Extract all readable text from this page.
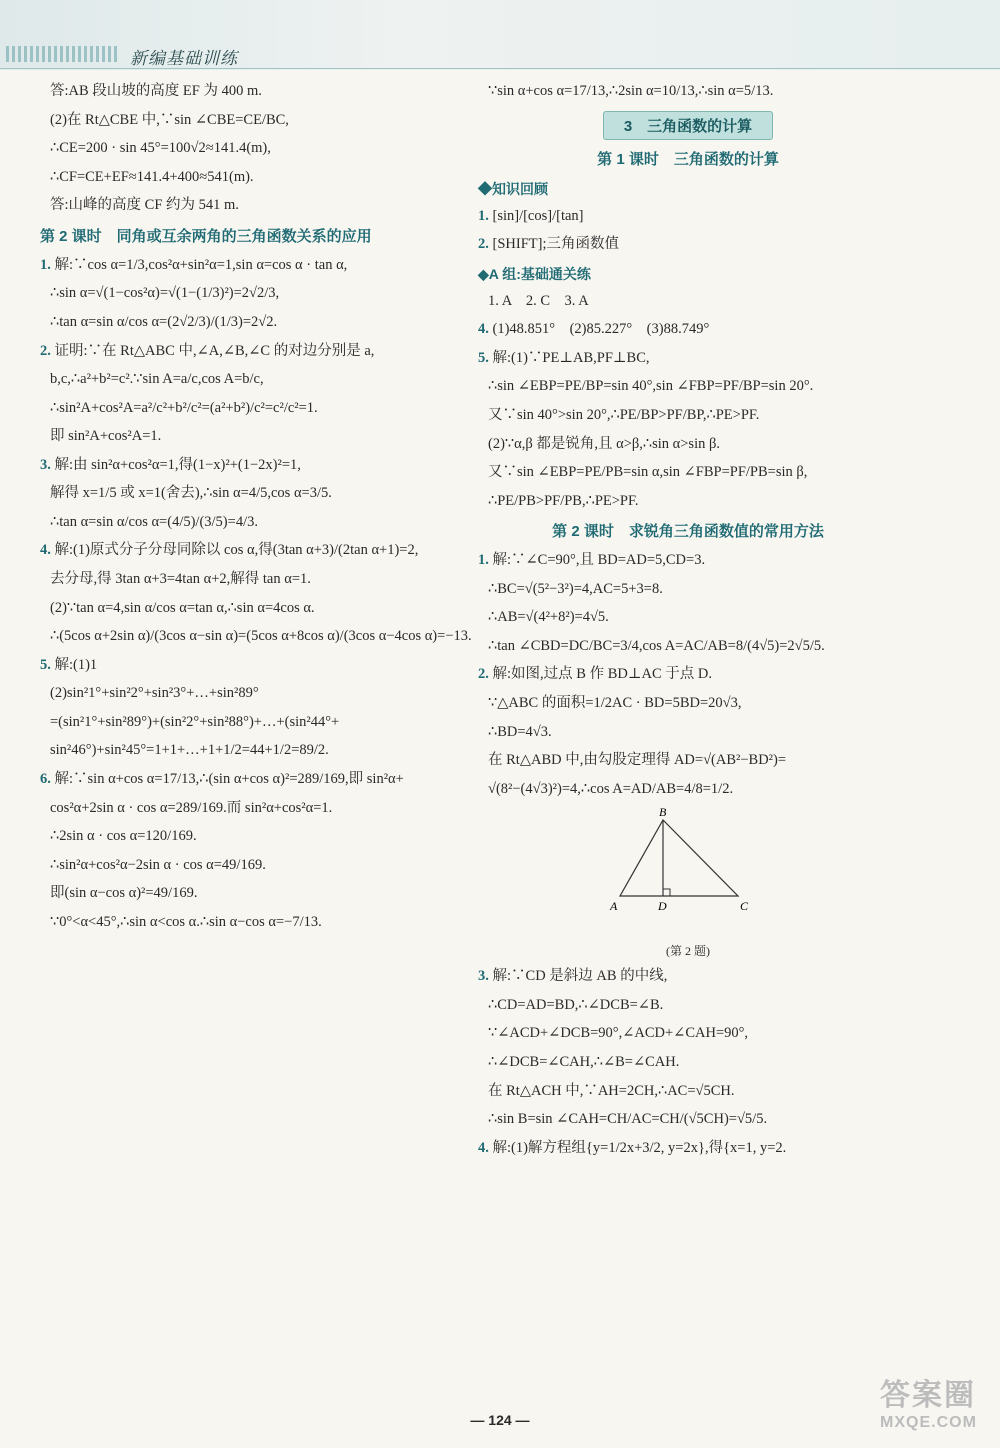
新编基础训练
答:AB 段山坡的高度 EF 为 400 m.
(2)在 Rt△CBE 中,∵sin ∠CBE=CE/BC,
∴CE=200 · sin 45°=100√2≈141.4(m),
∴CF=CE+EF≈141.4+400≈541(m).
答:山峰的高度 CF 约为 541 m.
第 2 课时　同角或互余两角的三角函数关系的应用
1. 解:∵cos α=1/3,cos²α+sin²α=1,sin α=cos α · tan α,
∴sin α=√(1−cos²α)=√(1−(1/3)²)=2√2/3,
∴tan α=sin α/cos α=(2√2/3)/(1/3)=2√2.
2. 证明:∵在 Rt△ABC 中,∠A,∠B,∠C 的对边分别是 a,
b,c,∴a²+b²=c².∵sin A=a/c,cos A=b/c,
∴sin²A+cos²A=a²/c²+b²/c²=(a²+b²)/c²=c²/c²=1.
即 sin²A+cos²A=1.
3. 解:由 sin²α+cos²α=1,得(1−x)²+(1−2x)²=1,
解得 x=1/5 或 x=1(舍去),∴sin α=4/5,cos α=3/5.
∴tan α=sin α/cos α=(4/5)/(3/5)=4/3.
4. 解:(1)原式分子分母同除以 cos α,得(3tan α+3)/(2tan α+1)=2,
去分母,得 3tan α+3=4tan α+2,解得 tan α=1.
(2)∵tan α=4,sin α/cos α=tan α,∴sin α=4cos α.
∴(5cos α+2sin α)/(3cos α−sin α)=(5cos α+8cos α)/(3cos α−4cos α)=−13.
5. 解:(1)1
(2)sin²1°+sin²2°+sin²3°+…+sin²89°
=(sin²1°+sin²89°)+(sin²2°+sin²88°)+…+(sin²44°+
sin²46°)+sin²45°=1+1+…+1+1/2=44+1/2=89/2.
6. 解:∵sin α+cos α=17/13,∴(sin α+cos α)²=289/169,即 sin²α+
cos²α+2sin α · cos α=289/169.而 sin²α+cos²α=1.
∴2sin α · cos α=120/169.
∴sin²α+cos²α−2sin α · cos α=49/169.
即(sin α−cos α)²=49/169.
∵0°<α<45°,∴sin α<cos α.∴sin α−cos α=−7/13.
∵sin α+cos α=17/13,∴2sin α=10/13,∴sin α=5/13.
3　三角函数的计算
第 1 课时　三角函数的计算
◆知识回顾
1. [sin]/[cos]/[tan]
2. [SHIFT];三角函数值
◆A 组:基础通关练
1. A　2. C　3. A
4. (1)48.851°　(2)85.227°　(3)88.749°
5. 解:(1)∵PE⊥AB,PF⊥BC,
∴sin ∠EBP=PE/BP=sin 40°,sin ∠FBP=PF/BP=sin 20°.
又∵sin 40°>sin 20°,∴PE/BP>PF/BP,∴PE>PF.
(2)∵α,β 都是锐角,且 α>β,∴sin α>sin β.
又∵sin ∠EBP=PE/PB=sin α,sin ∠FBP=PF/PB=sin β,
∴PE/PB>PF/PB,∴PE>PF.
第 2 课时　求锐角三角函数值的常用方法
1. 解:∵∠C=90°,且 BD=AD=5,CD=3.
∴BC=√(5²−3²)=4,AC=5+3=8.
∴AB=√(4²+8²)=4√5.
∴tan ∠CBD=DC/BC=3/4,cos A=AC/AB=8/(4√5)=2√5/5.
2. 解:如图,过点 B 作 BD⊥AC 于点 D.
∵△ABC 的面积=1/2AC · BD=5BD=20√3,
∴BD=4√3.
在 Rt△ABD 中,由勾股定理得 AD=√(AB²−BD²)=
√(8²−(4√3)²)=4,∴cos A=AD/AB=4/8=1/2.
A
B
C
D
(第 2 题)
3. 解:∵CD 是斜边 AB 的中线,
∴CD=AD=BD,∴∠DCB=∠B.
∵∠ACD+∠DCB=90°,∠ACD+∠CAH=90°,
∴∠DCB=∠CAH,∴∠B=∠CAH.
在 Rt△ACH 中,∵AH=2CH,∴AC=√5CH.
∴sin B=sin ∠CAH=CH/AC=CH/(√5CH)=√5/5.
4. 解:(1)解方程组{y=1/2x+3/2, y=2x},得{x=1, y=2.
— 124 —
答案圈
MXQE.COM
